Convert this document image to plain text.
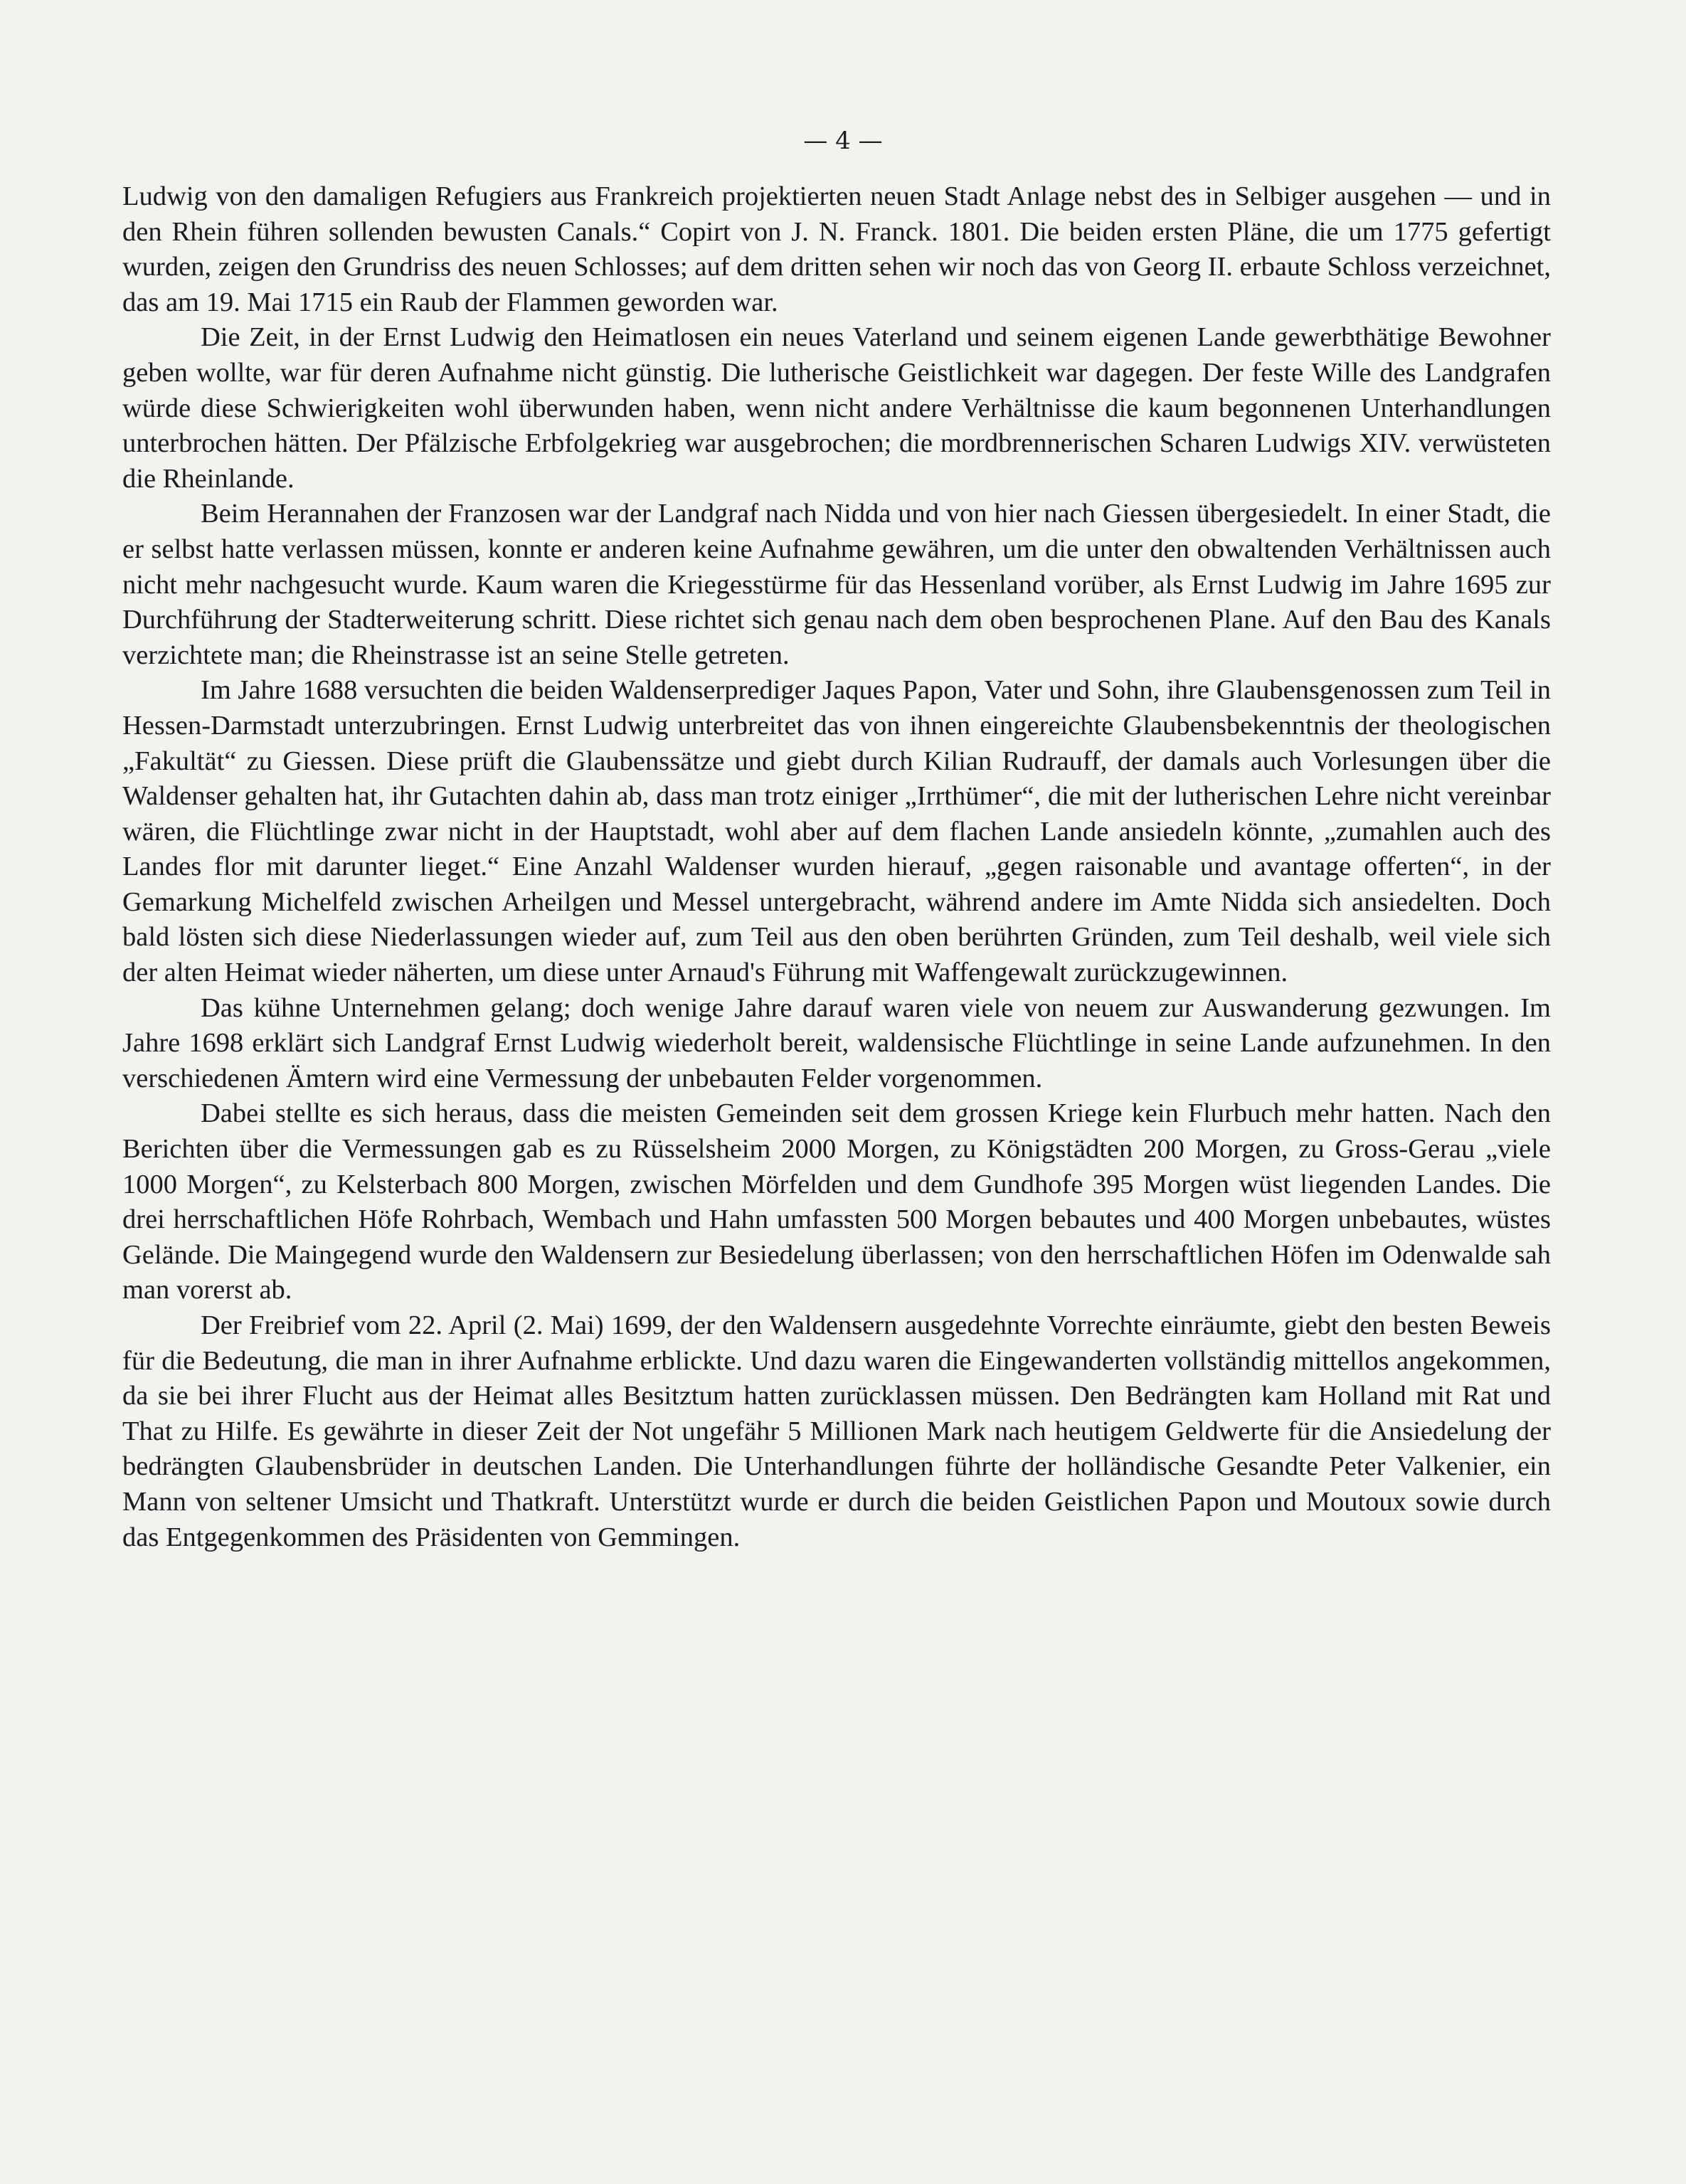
— 4 —

Ludwig von den damaligen Refugiers aus Frankreich projektierten neuen Stadt Anlage nebst des in Selbiger ausgehen — und in den Rhein führen sollenden bewusten Canals.“ Copirt von J. N. Franck. 1801. Die beiden ersten Pläne, die um 1775 gefertigt wurden, zeigen den Grundriss des neuen Schlosses; auf dem dritten sehen wir noch das von Georg II. erbaute Schloss verzeichnet, das am 19. Mai 1715 ein Raub der Flammen geworden war.

Die Zeit, in der Ernst Ludwig den Heimatlosen ein neues Vaterland und seinem eigenen Lande gewerbthätige Bewohner geben wollte, war für deren Aufnahme nicht günstig. Die lutherische Geistlichkeit war dagegen. Der feste Wille des Landgrafen würde diese Schwierigkeiten wohl überwunden haben, wenn nicht andere Verhältnisse die kaum begonnenen Unterhandlungen unterbrochen hätten. Der Pfälzische Erbfolgekrieg war ausgebrochen; die mordbrennerischen Scharen Ludwigs XIV. verwüsteten die Rheinlande.

Beim Herannahen der Franzosen war der Landgraf nach Nidda und von hier nach Giessen übergesiedelt. In einer Stadt, die er selbst hatte verlassen müssen, konnte er anderen keine Aufnahme gewähren, um die unter den obwaltenden Verhältnissen auch nicht mehr nachgesucht wurde. Kaum waren die Kriegesstürme für das Hessenland vorüber, als Ernst Ludwig im Jahre 1695 zur Durchführung der Stadterweiterung schritt. Diese richtet sich genau nach dem oben besprochenen Plane. Auf den Bau des Kanals verzichtete man; die Rheinstrasse ist an seine Stelle getreten.

Im Jahre 1688 versuchten die beiden Waldenserprediger Jaques Papon, Vater und Sohn, ihre Glaubensgenossen zum Teil in Hessen-Darmstadt unterzubringen. Ernst Ludwig unterbreitet das von ihnen eingereichte Glaubensbekenntnis der theologischen „Fakultät“ zu Giessen. Diese prüft die Glaubenssätze und giebt durch Kilian Rudrauff, der damals auch Vorlesungen über die Waldenser gehalten hat, ihr Gutachten dahin ab, dass man trotz einiger „Irrthümer“, die mit der lutherischen Lehre nicht vereinbar wären, die Flüchtlinge zwar nicht in der Hauptstadt, wohl aber auf dem flachen Lande ansiedeln könnte, „zumahlen auch des Landes flor mit darunter lieget.“ Eine Anzahl Waldenser wurden hierauf, „gegen raisonable und avantage offerten“, in der Gemarkung Michelfeld zwischen Arheilgen und Messel untergebracht, während andere im Amte Nidda sich ansiedelten. Doch bald lösten sich diese Niederlassungen wieder auf, zum Teil aus den oben berührten Gründen, zum Teil deshalb, weil viele sich der alten Heimat wieder näherten, um diese unter Arnaud's Führung mit Waffengewalt zurückzugewinnen.

Das kühne Unternehmen gelang; doch wenige Jahre darauf waren viele von neuem zur Auswanderung gezwungen. Im Jahre 1698 erklärt sich Landgraf Ernst Ludwig wiederholt bereit, waldensische Flüchtlinge in seine Lande aufzunehmen. In den verschiedenen Ämtern wird eine Vermessung der unbebauten Felder vorgenommen.

Dabei stellte es sich heraus, dass die meisten Gemeinden seit dem grossen Kriege kein Flurbuch mehr hatten. Nach den Berichten über die Vermessungen gab es zu Rüsselsheim 2000 Morgen, zu Königstädten 200 Morgen, zu Gross-Gerau „viele 1000 Morgen“, zu Kelsterbach 800 Morgen, zwischen Mörfelden und dem Gundhofe 395 Morgen wüst liegenden Landes. Die drei herrschaftlichen Höfe Rohrbach, Wembach und Hahn umfassten 500 Morgen bebautes und 400 Morgen unbebautes, wüstes Gelände. Die Maingegend wurde den Waldensern zur Besiedelung überlassen; von den herrschaftlichen Höfen im Odenwalde sah man vorerst ab.

Der Freibrief vom 22. April (2. Mai) 1699, der den Waldensern ausgedehnte Vorrechte einräumte, giebt den besten Beweis für die Bedeutung, die man in ihrer Aufnahme erblickte. Und dazu waren die Eingewanderten vollständig mittellos angekommen, da sie bei ihrer Flucht aus der Heimat alles Besitztum hatten zurücklassen müssen. Den Bedrängten kam Holland mit Rat und That zu Hilfe. Es gewährte in dieser Zeit der Not ungefähr 5 Millionen Mark nach heutigem Geldwerte für die Ansiedelung der bedrängten Glaubensbrüder in deutschen Landen. Die Unterhandlungen führte der holländische Gesandte Peter Valkenier, ein Mann von seltener Umsicht und Thatkraft. Unterstützt wurde er durch die beiden Geistlichen Papon und Moutoux sowie durch das Entgegenkommen des Präsidenten von Gemmingen.
